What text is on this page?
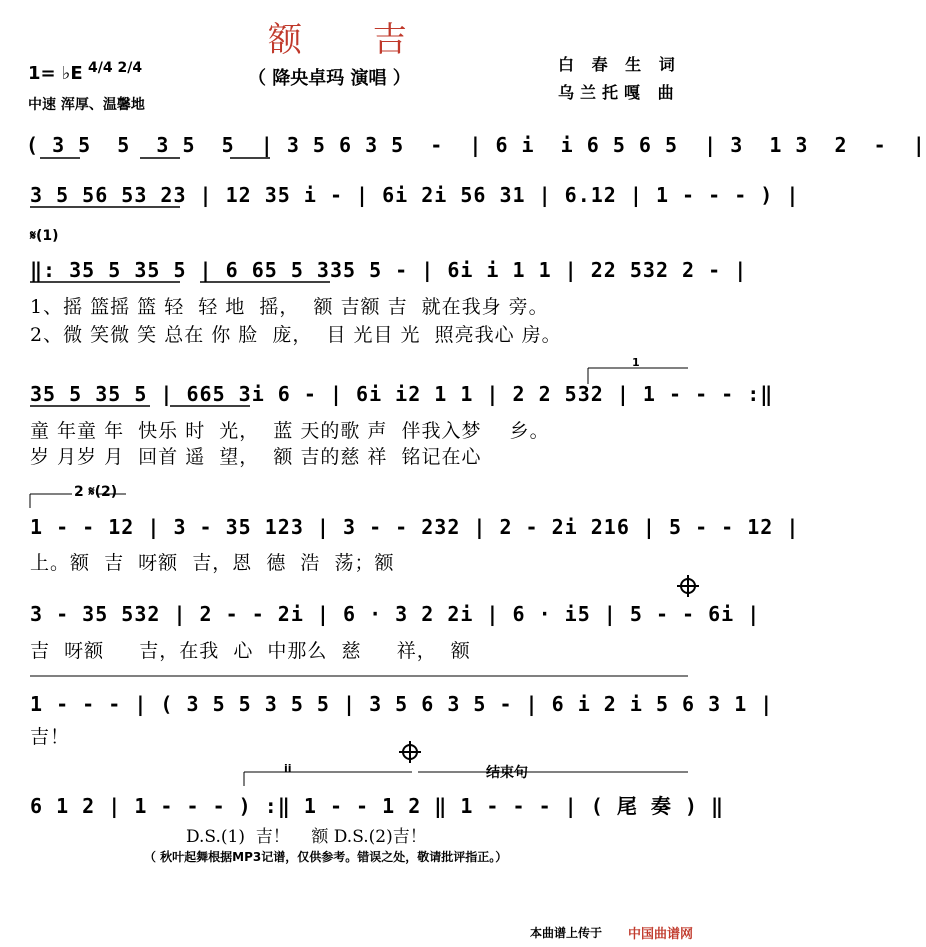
额 吉
（ 降央卓玛 演唱 ）
白 春 生 词
乌兰托嘎 曲
1= ♭E 4/4 2/4
中速 浑厚、温馨地
( 3 5  5  3 5  5  | 3 5 6 3 5  -  | 6 i  i 6 5 6 5  | 3  1 3  2  -  |
3 5 56 53 23 | 12 35 i - | 6i 2i 56 31 | 6.12 | 1 - - - ) |
𝄋(1)
‖: 35 5 35 5 | 6 65 5 335 5 - | 6i i 1 1 | 22 532 2 - |
1、摇 篮摇 篮 轻  轻 地  摇，  额 吉额 吉  就在我身 旁。
2、微 笑微 笑 总在 你 脸  庞，  目 光目 光  照亮我心 房。
1
35 5 35 5 | 665 3i 6 - | 6i i2 1 1 | 2 2 532 | 1 - - - :‖
童 年童 年  快乐 时  光，  蓝 天的歌 声  伴我入梦    乡。
岁 月岁 月  回首 遥  望，  额 吉的慈 祥  铭记在心
2 𝄋(2)
1 - - 12 | 3 - 35 123 | 3 - - 232 | 2 - 2i 216 | 5 - - 12 |
上。额  吉  呀额  吉，恩  德  浩  荡；额
3 - 35 532 | 2 - - 2i | 6 · 3 2 2i | 6 · i5 | 5 - - 6i |
吉  呀额     吉，在我  心  中那么  慈     祥，  额
1 - - - | ( 3 5 5 3 5 5 | 3 5 6 3 5 - | 6 i 2 i 5 6 3 1 |
吉！
ii	结束句
6 1 2 | 1 - - - ) :‖ 1 - - 1 2 ‖ 1 - - - | ( 尾 奏 ) ‖
D.S.(1)  吉！    额 D.S.(2)吉！
（ 秋叶起舞根据MP3记谱，仅供参考。错误之处，敬请批评指正。）
本曲谱上传于 中国曲谱网
